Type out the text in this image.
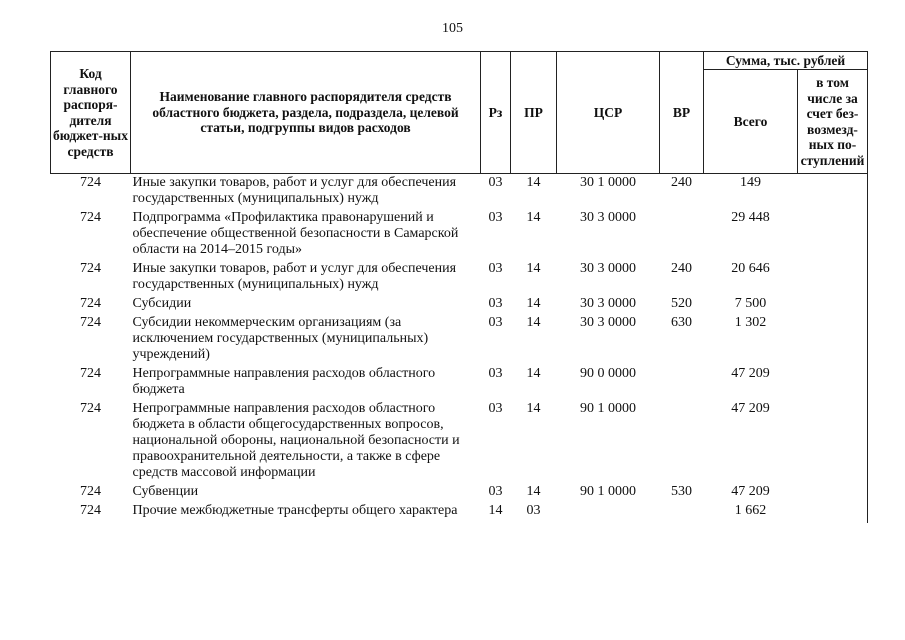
105
Код главного распоря-дителя бюджет-ных средств	Наименование главного распорядителя средств областного бюджета, раздела, подраздела, целевой статьи, подгруппы видов расходов	Рз	ПР	ЦСР	ВР	Сумма, тыс. рублей	
						Всего	в том числе за счет без-возмезд-ных по-ступлений
724	Иные закупки товаров, работ и услуг для обеспечения государственных (муниципальных) нужд	03	14	30 1 0000	240	149	
724	Подпрограмма «Профилактика правонарушений и обеспечение общественной безопасности в Самарской области на 2014–2015 годы»	03	14	30 3 0000		29 448	
724	Иные закупки товаров, работ и услуг для обеспечения государственных (муниципальных) нужд	03	14	30 3 0000	240	20 646	
724	Субсидии	03	14	30 3 0000	520	7 500	
724	Субсидии некоммерческим организациям (за исключением государственных (муниципальных) учреждений)	03	14	30 3 0000	630	1 302	
724	Непрограммные направления расходов областного бюджета	03	14	90 0 0000		47 209	
724	Непрограммные направления расходов областного бюджета в области общегосударственных вопросов, национальной обороны, национальной безопасности и правоохранительной деятельности, а также в сфере средств массовой информации	03	14	90 1 0000		47 209	
724	Субвенции	03	14	90 1 0000	530	47 209	
724	Прочие межбюджетные трансферты общего характера	14	03			1 662	
